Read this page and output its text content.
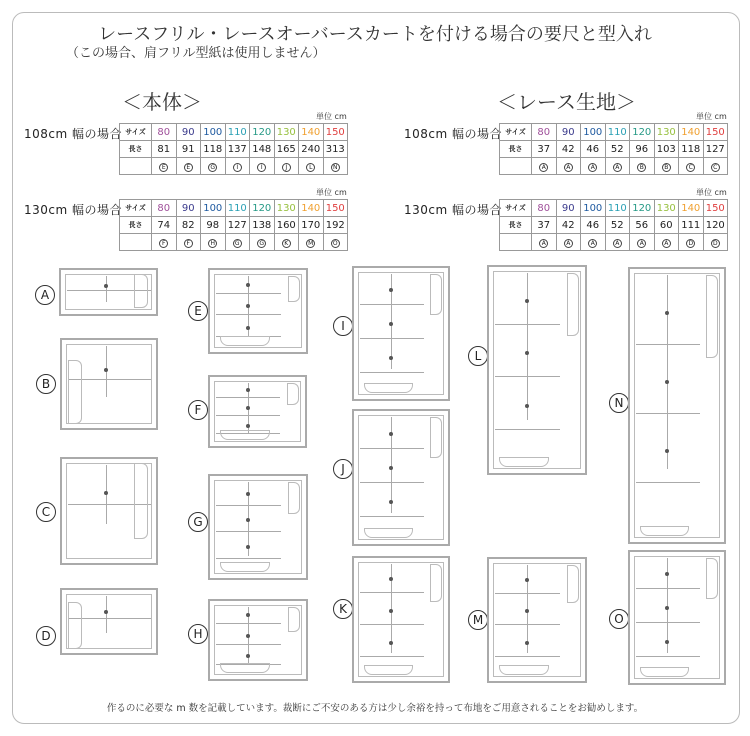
レースフリル・レースオーバースカートを付ける場合の要尺と型入れ
（この場合、肩フリル型紙は使用しません）
＜本体＞	＜レース生地＞
108cm 幅の場合
単位 cm
サイズ	80	90	100	110	120	130	140	150
長さ	81	91	118	137	148	165	240	313
	E	E	G	I	I	J	L	N
130cm 幅の場合
単位 cm
サイズ	80	90	100	110	120	130	140	150
長さ	74	82	98	127	138	160	170	192
	F	F	H	G	G	K	M	O
108cm 幅の場合
単位 cm
サイズ	80	90	100	110	120	130	140	150
長さ	37	42	46	52	96	103	118	127
	A	A	A	A	B	B	C	C
130cm 幅の場合
単位 cm
サイズ	80	90	100	110	120	130	140	150
長さ	37	42	46	52	56	60	111	120
	A	A	A	A	A	A	D	D
A
B
C
D
E
F
G
H
I
J
K
L
M
N
O
作るのに必要な m 数を記載しています。裁断にご不安のある方は少し余裕を持って布地をご用意されることをお勧めします。
